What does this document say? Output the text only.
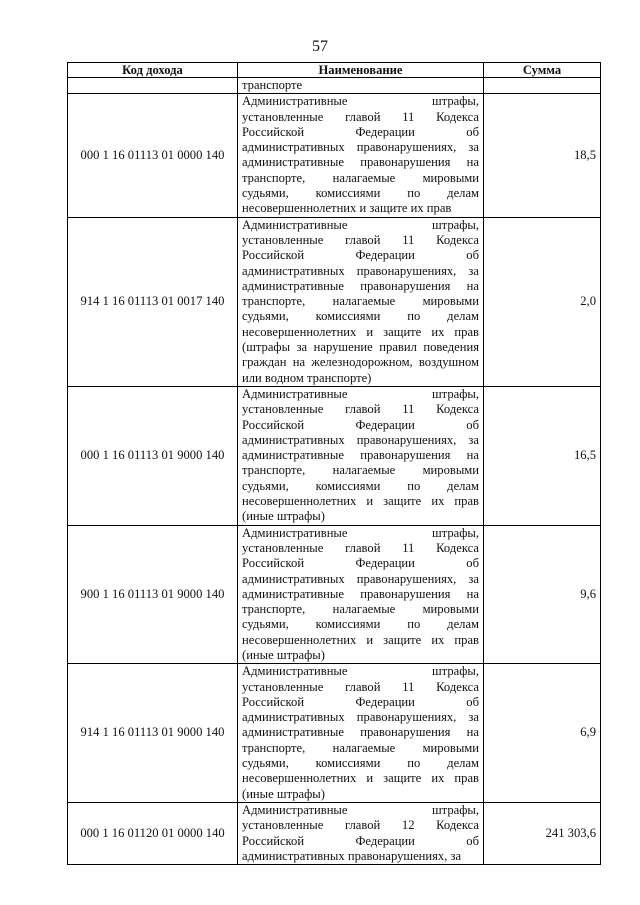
57
Код дохода	Наименование	Сумма
	транспорте	
000 1 16 01113 01 0000 140	Административные штрафы, установленные главой 11 Кодекса Российской Федерации об административных правонарушениях, за административные правонарушения на транспорте, налагаемые мировыми судьями, комиссиями по делам несовершеннолетних и защите их прав	18,5
914 1 16 01113 01 0017 140	Административные штрафы, установленные главой 11 Кодекса Российской Федерации об административных правонарушениях, за административные правонарушения на транспорте, налагаемые мировыми судьями, комиссиями по делам несовершеннолетних и защите их прав (штрафы за нарушение правил поведения граждан на железнодорожном, воздушном или водном транспорте)	2,0
000 1 16 01113 01 9000 140	Административные штрафы, установленные главой 11 Кодекса Российской Федерации об административных правонарушениях, за административные правонарушения на транспорте, налагаемые мировыми судьями, комиссиями по делам несовершеннолетних и защите их прав (иные штрафы)	16,5
900 1 16 01113 01 9000 140	Административные штрафы, установленные главой 11 Кодекса Российской Федерации об административных правонарушениях, за административные правонарушения на транспорте, налагаемые мировыми судьями, комиссиями по делам несовершеннолетних и защите их прав (иные штрафы)	9,6
914 1 16 01113 01 9000 140	Административные штрафы, установленные главой 11 Кодекса Российской Федерации об административных правонарушениях, за административные правонарушения на транспорте, налагаемые мировыми судьями, комиссиями по делам несовершеннолетних и защите их прав (иные штрафы)	6,9
000 1 16 01120 01 0000 140	Административные штрафы, установленные главой 12 Кодекса Российской Федерации об административных правонарушениях, за	241 303,6
